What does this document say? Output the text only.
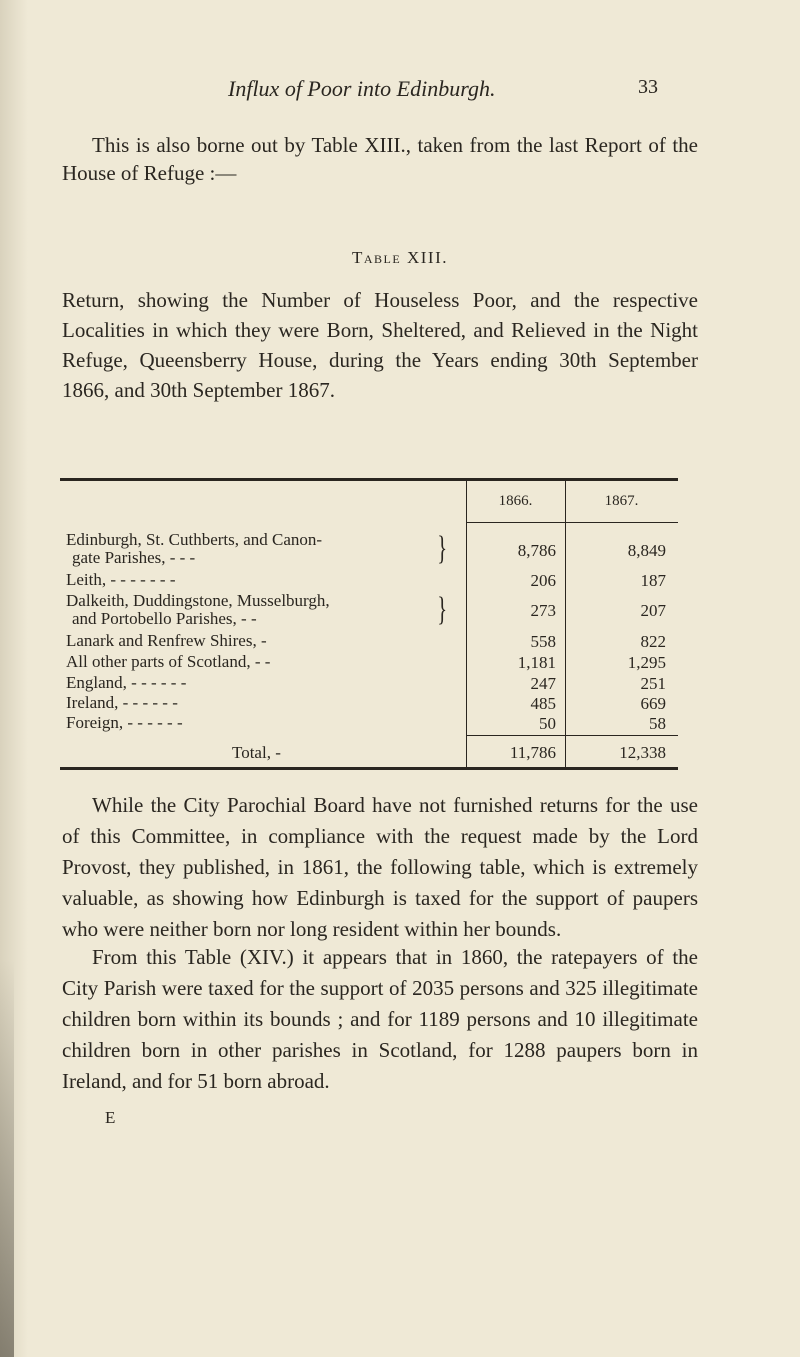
Influx of Poor into Edinburgh.	33
This is also borne out by Table XIII., taken from the last Report of the House of Refuge :—
Table XIII.
Return, showing the Number of Houseless Poor, and the respective Localities in which they were Born, Sheltered, and Relieved in the Night Refuge, Queensberry House, during the Years ending 30th September 1866, and 30th September 1867.
1866.	1867.
Edinburgh, St. Cuthberts, and Canon-
gate Parishes, - - -	}	8,786	8,849
Leith, - - - - - - -	206	187
Dalkeith, Duddingstone, Musselburgh,
and Portobello Parishes, - -	}	273	207
Lanark and Renfrew Shires, -	558	822
All other parts of Scotland, - -	1,181	1,295
England, - - - - - -	247	251
Ireland, - - - - - -	485	669
Foreign, - - - - - -	50	58
Total, -	11,786	12,338
While the City Parochial Board have not furnished returns for the use of this Committee, in compliance with the request made by the Lord Provost, they published, in 1861, the following table, which is extremely valuable, as showing how Edinburgh is taxed for the support of paupers who were neither born nor long resident within her bounds.
From this Table (XIV.) it appears that in 1860, the ratepayers of the City Parish were taxed for the support of 2035 persons and 325 illegitimate children born within its bounds ; and for 1189 persons and 10 illegitimate children born in other parishes in Scotland, for 1288 paupers born in Ireland, and for 51 born abroad.
E
